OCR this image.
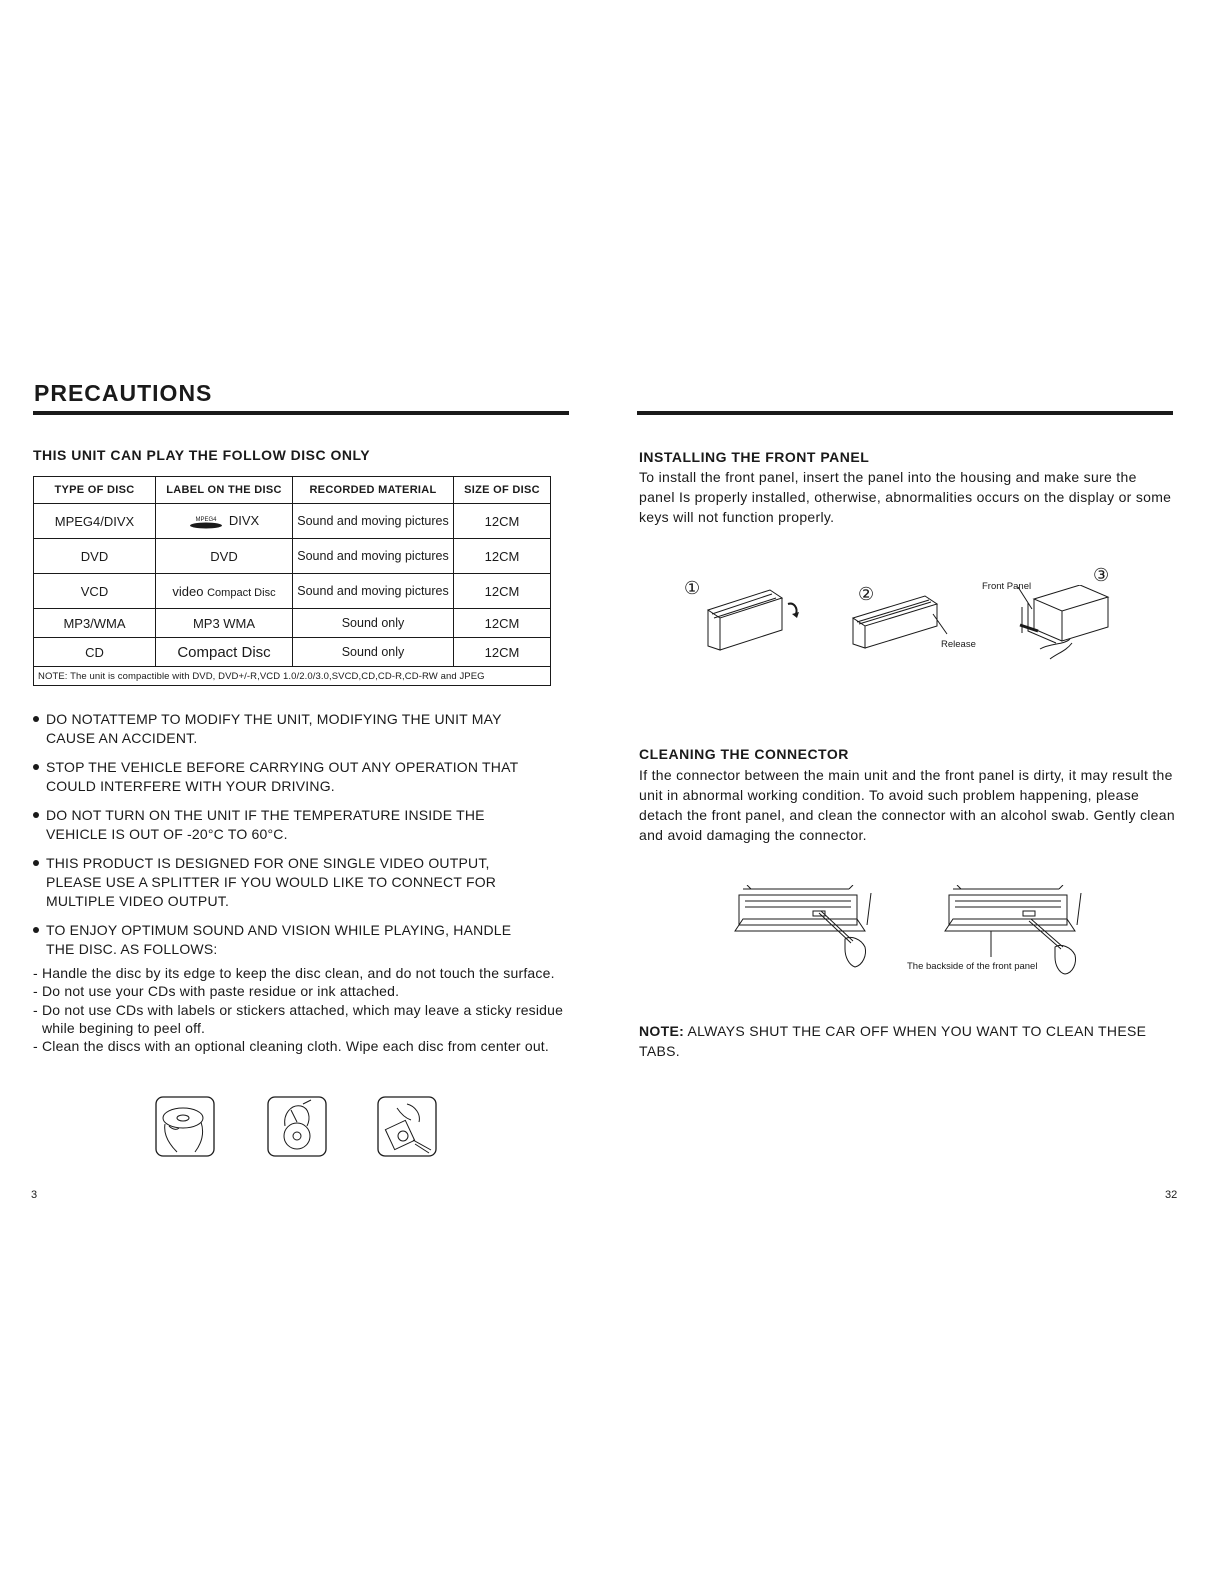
PRECAUTIONS
THIS UNIT CAN PLAY THE FOLLOW DISC ONLY
TYPE OF DISC	LABEL ON THE DISC	RECORDED MATERIAL	SIZE OF DISC
MPEG4/DIVX	MPEG4 DIVX	Sound and moving pictures	12CM
DVD	DVD	Sound and moving pictures	12CM
VCD	video Compact Disc	Sound and moving pictures	12CM
MP3/WMA	MP3 WMA	Sound only	12CM
CD	Compact Disc	Sound only	12CM
NOTE: The unit is compactible with DVD, DVD+/-R,VCD 1.0/2.0/3.0,SVCD,CD,CD-R,CD-RW and JPEG			
DO NOTATTEMP TO MODIFY THE UNIT, MODIFYING THE UNIT MAY
CAUSE AN ACCIDENT.
STOP THE VEHICLE BEFORE CARRYING OUT ANY OPERATION THAT
COULD INTERFERE WITH YOUR DRIVING.
DO NOT TURN ON THE UNIT IF THE TEMPERATURE INSIDE THE
VEHICLE IS OUT OF -20°C TO 60°C.
THIS PRODUCT IS DESIGNED FOR ONE SINGLE VIDEO OUTPUT,
PLEASE USE A SPLITTER IF YOU WOULD LIKE TO CONNECT FOR
MULTIPLE VIDEO OUTPUT.
TO ENJOY OPTIMUM SOUND AND VISION WHILE PLAYING, HANDLE
THE DISC. AS FOLLOWS:
- Handle the disc by its edge to keep the disc clean, and do not touch the surface.
- Do not use your CDs with paste residue or ink attached.
- Do not use CDs with labels or stickers attached, which may leave a sticky residue while begining to peel off.
- Clean the discs with an optional cleaning cloth. Wipe each disc from center out.
3
INSTALLING THE FRONT PANEL
To install the front panel, insert the panel into the housing and make sure the panel Is properly installed, otherwise, abnormalities occurs on the display or some keys will not function properly.
①	②
Release
Front Panel
③
CLEANING THE CONNECTOR
If the connector between the main unit and the front panel is dirty, it may result the unit in abnormal working condition. To avoid such problem happening, please detach the front panel, and clean the connector with an alcohol swab. Gently clean and avoid damaging the connector.
The backside of the front panel
NOTE: ALWAYS SHUT THE CAR OFF WHEN YOU WANT TO CLEAN THESE TABS.
32
